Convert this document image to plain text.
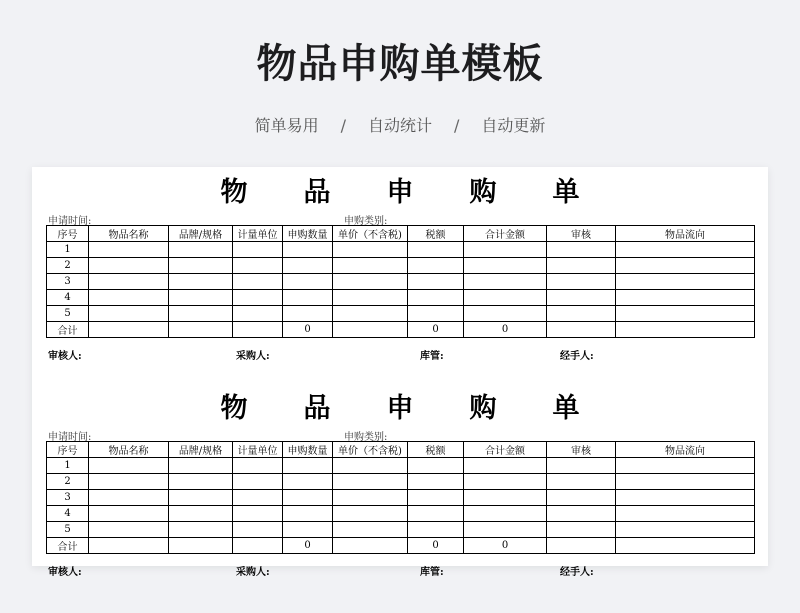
物品申购单模板
简单易用 / 自动统计 / 自动更新
物 品 申 购 单
申请时间:	申购类别:
序号	物品名称	品牌/规格	计量单位	申购数量	单价（不含税)	税额	合计金额	审核	物品流向
1									
2									
3									
4									
5									
合计				0		0	0		
审核人:	采购人:	库管:	经手人:
物 品 申 购 单
申请时间:	申购类别:
序号	物品名称	品牌/规格	计量单位	申购数量	单价（不含税)	税额	合计金额	审核	物品流向
1									
2									
3									
4									
5									
合计				0		0	0		
审核人:	采购人:	库管:	经手人:
